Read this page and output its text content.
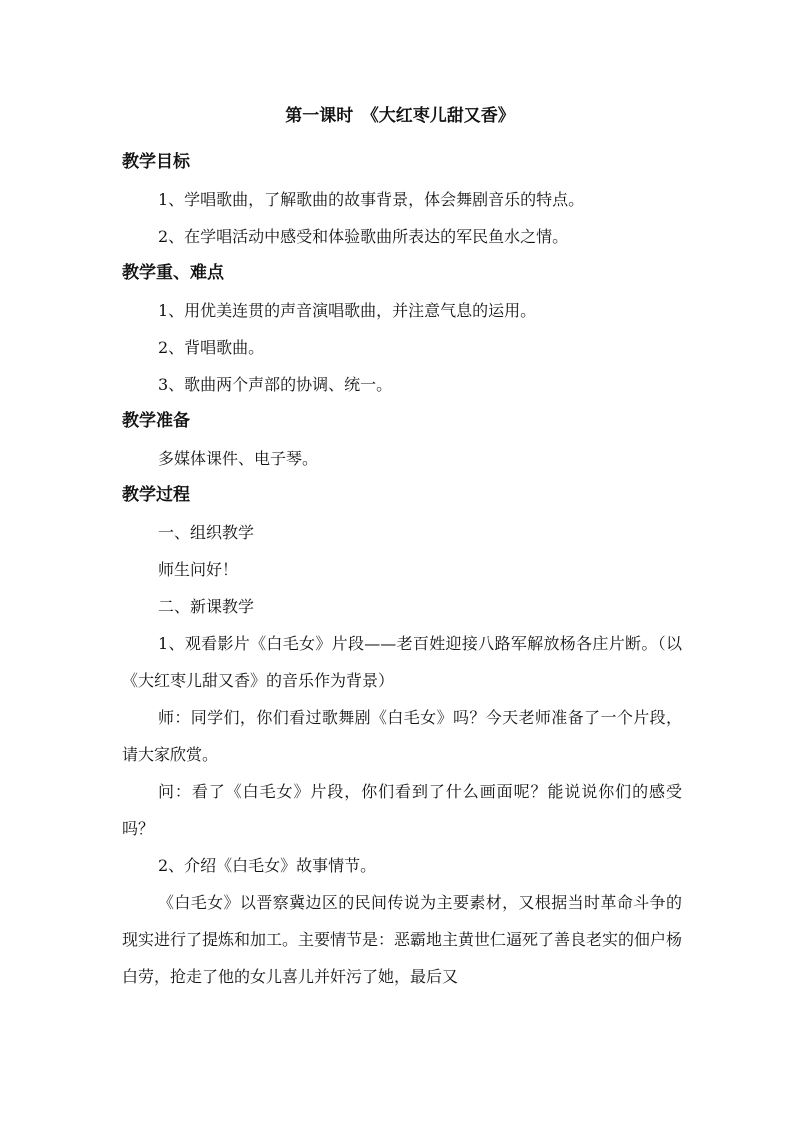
第一课时　《大红枣儿甜又香》
教学目标

1、学唱歌曲，了解歌曲的故事背景，体会舞剧音乐的特点。

2、在学唱活动中感受和体验歌曲所表达的军民鱼水之情。

教学重、难点

1、用优美连贯的声音演唱歌曲，并注意气息的运用。

2、背唱歌曲。

3、歌曲两个声部的协调、统一。

教学准备

多媒体课件、电子琴。

教学过程

一、组织教学

师生问好！

二、新课教学

1、观看影片《白毛女》片段——老百姓迎接八路军解放杨各庄片断。（以《大红枣儿甜又香》的音乐作为背景）

师：同学们，你们看过歌舞剧《白毛女》吗？今天老师准备了一个片段，请大家欣赏。

问：看了《白毛女》片段，你们看到了什么画面呢？能说说你们的感受吗？

2、介绍《白毛女》故事情节。

《白毛女》以晋察冀边区的民间传说为主要素材，又根据当时革命斗争的现实进行了提炼和加工。主要情节是：恶霸地主黄世仁逼死了善良老实的佃户杨白劳，抢走了他的女儿喜儿并奸污了她，最后又
